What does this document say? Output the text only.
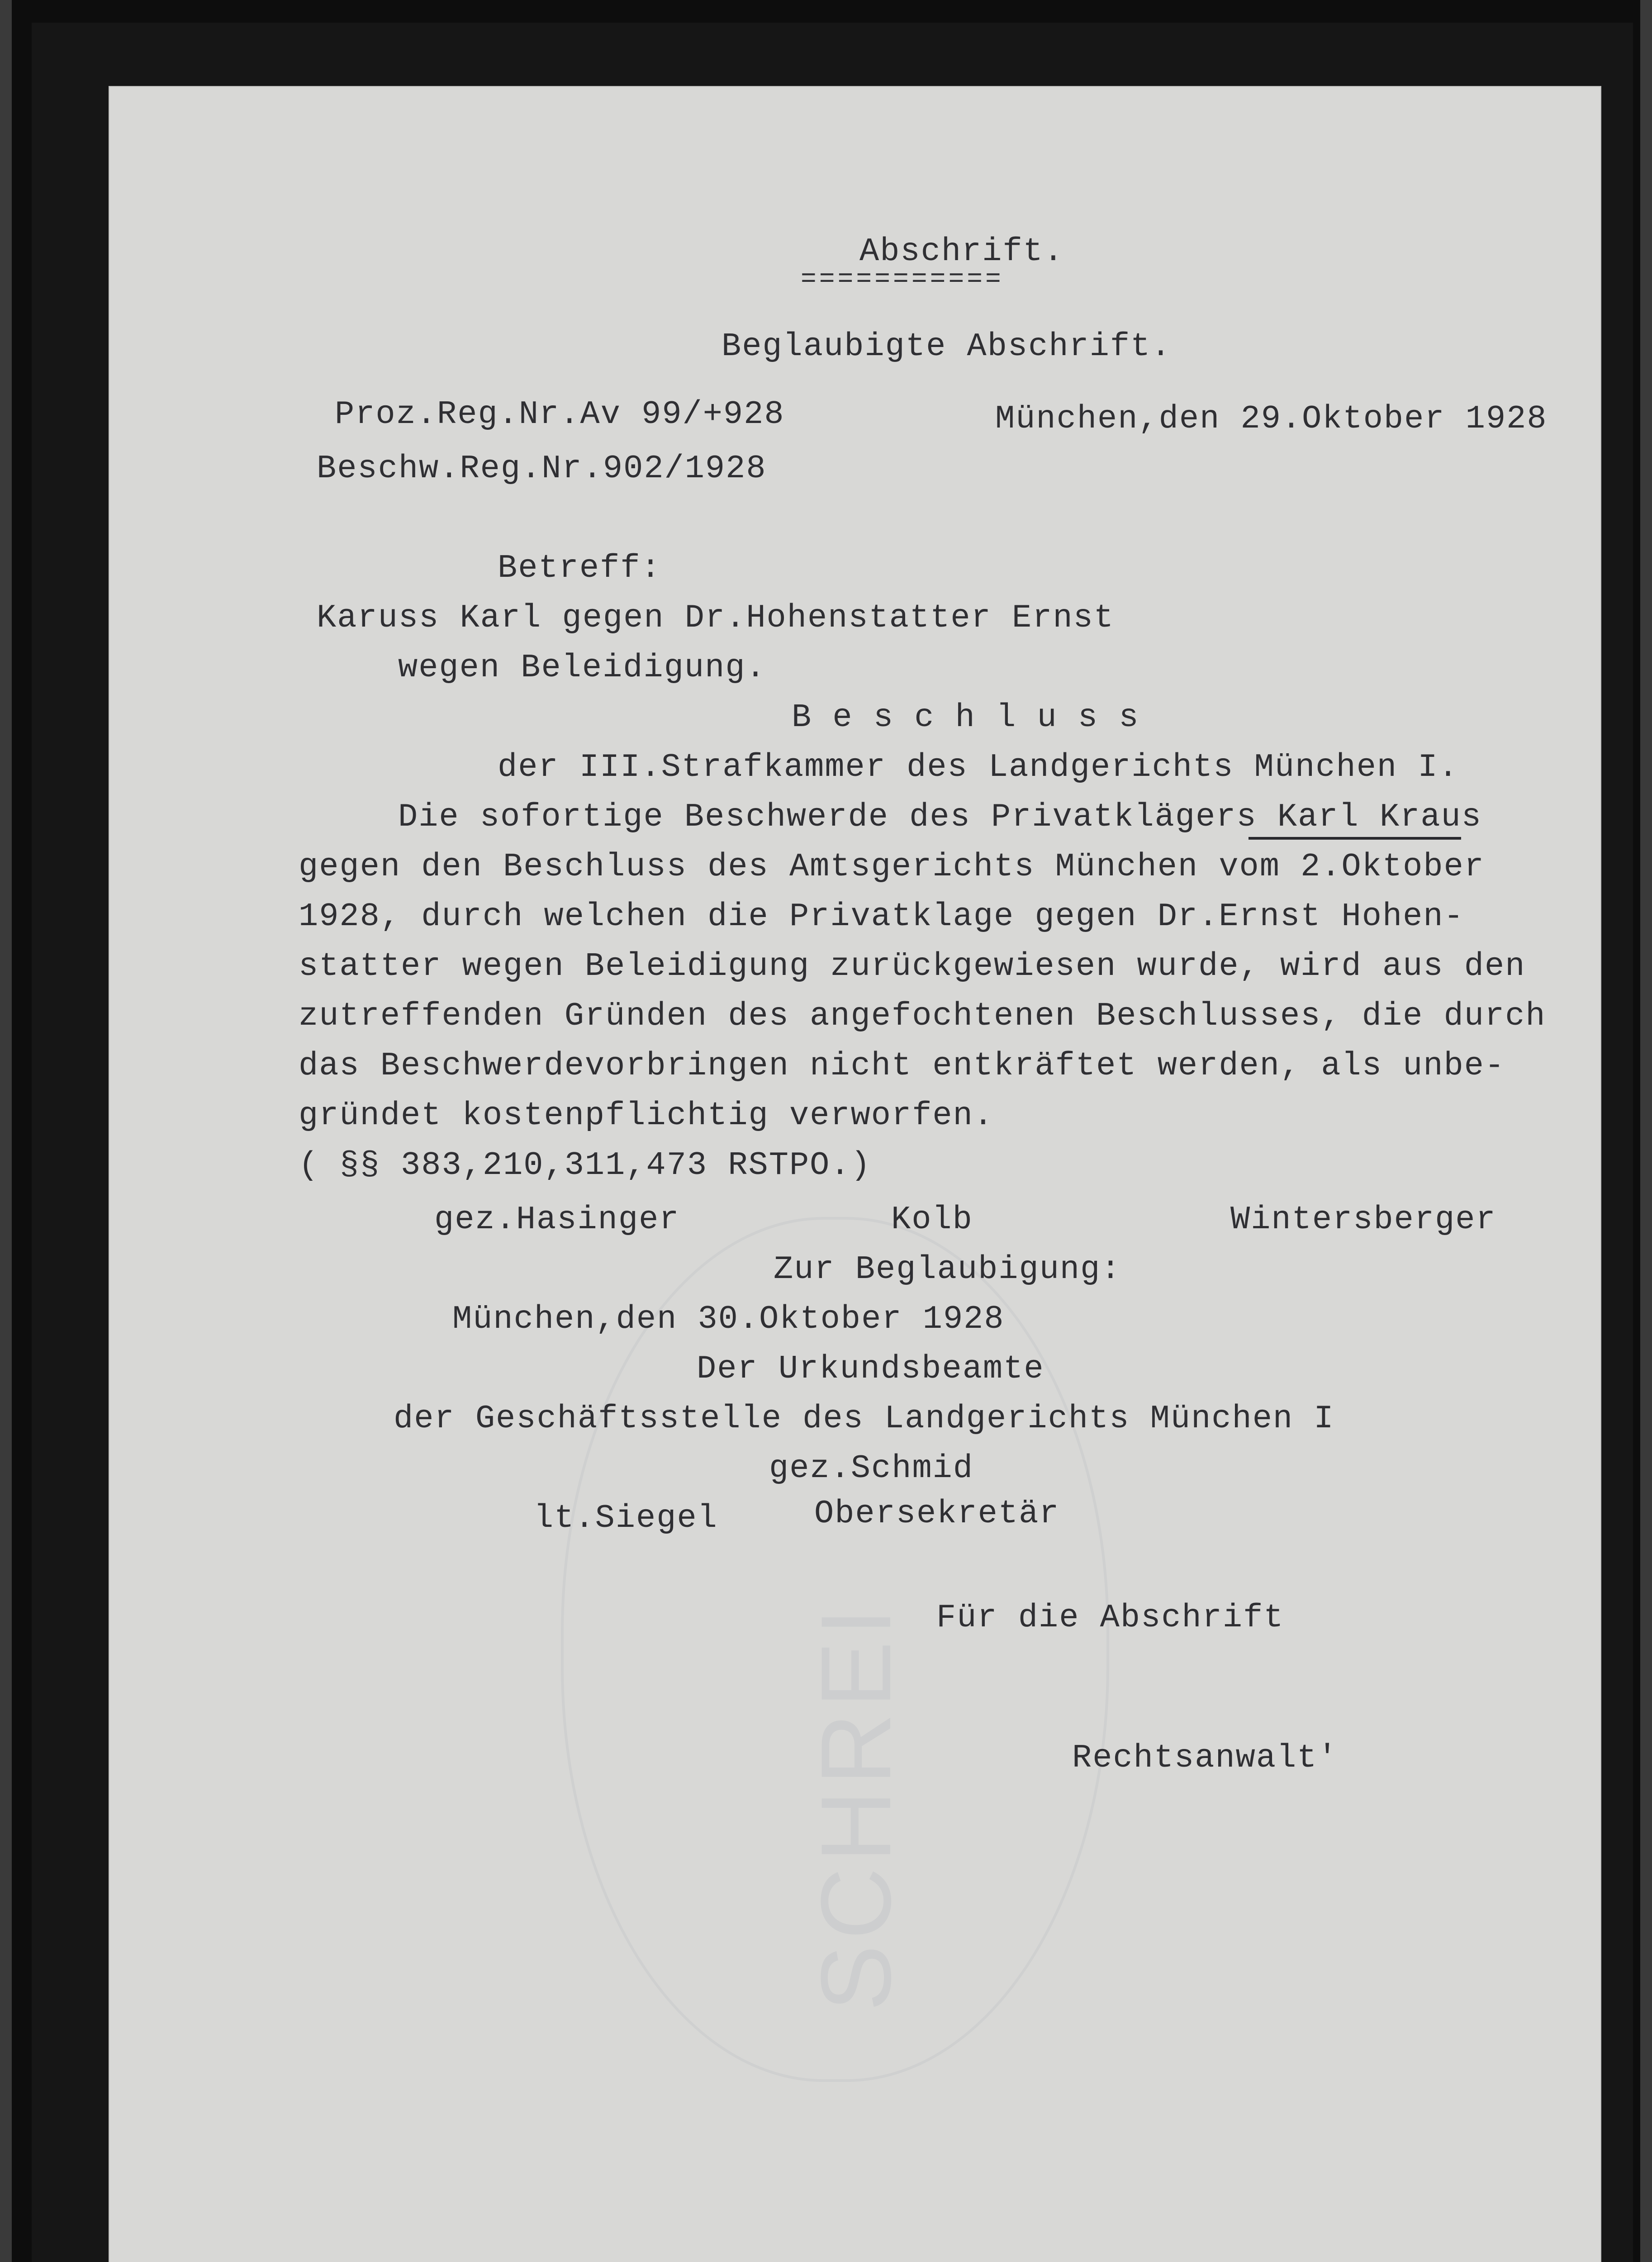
SCHREI
Abschrift.
===========
Beglaubigte Abschrift.
Proz.Reg.Nr.Av 99/+928	München,den 29.Oktober 1928
Beschw.Reg.Nr.902/1928
Betreff:
Karuss Karl gegen Dr.Hohenstatter Ernst
wegen Beleidigung.
B e s c h l u s s
der III.Strafkammer des Landgerichts München I.
Die sofortige Beschwerde des Privatklägers Karl Kraus
gegen den Beschluss des Amtsgerichts München vom 2.Oktober
1928, durch welchen die Privatklage gegen Dr.Ernst Hohen-
statter wegen Beleidigung zurückgewiesen wurde, wird aus den
zutreffenden Gründen des angefochtenen Beschlusses, die durch
das Beschwerdevorbringen nicht entkräftet werden, als unbe-
gründet kostenpflichtig verworfen.
( §§ 383,210,311,473 RSTPO.)
gez.Hasinger	Kolb	Wintersberger
Zur Beglaubigung:
München,den 30.Oktober 1928
Der Urkundsbeamte
der Geschäftsstelle des Landgerichts München I
gez.Schmid
lt.Siegel	Obersekretär
Für die Abschrift
Rechtsanwalt'
